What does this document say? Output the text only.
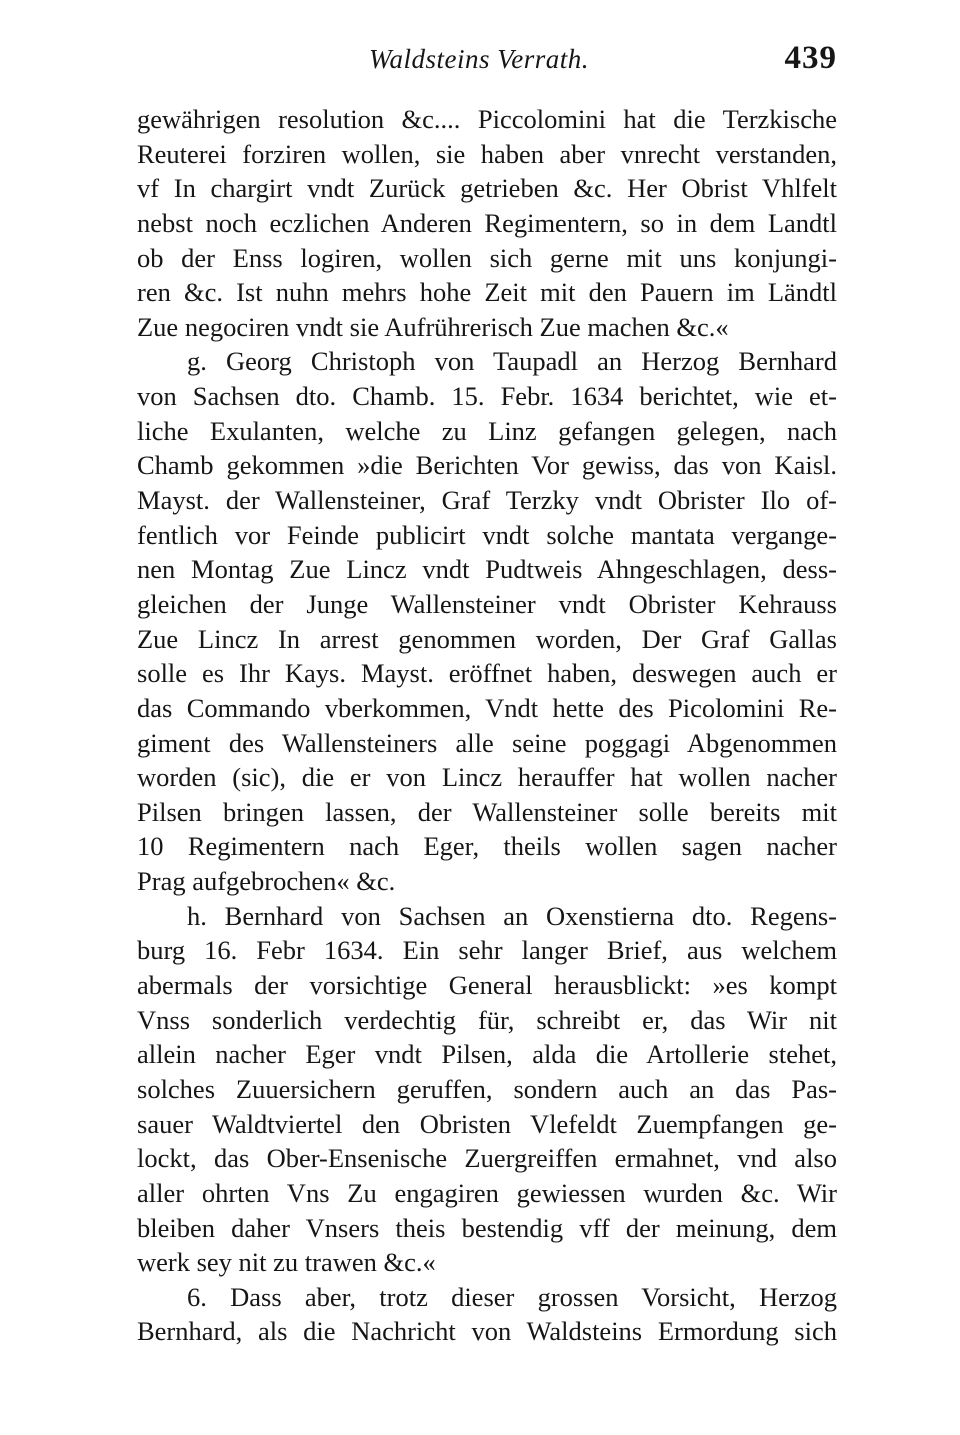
Waldsteins Verrath.	439
gewährigen resolution &c.... Piccolomini hat die Terzkische
Reuterei forziren wollen, sie haben aber vnrecht verstanden,
vf In chargirt vndt Zurück getrieben &c. Her Obrist Vhlfelt
nebst noch eczlichen Anderen Regimentern, so in dem Landtl
ob der Enss logiren, wollen sich gerne mit uns konjungi-
ren &c. Ist nuhn mehrs hohe Zeit mit den Pauern im Ländtl
Zue negociren vndt sie Aufrührerisch Zue machen &c.«
g. Georg Christoph von Taupadl an Herzog Bernhard
von Sachsen dto. Chamb. 15. Febr. 1634 berichtet, wie et-
liche Exulanten, welche zu Linz gefangen gelegen, nach
Chamb gekommen »die Berichten Vor gewiss, das von Kaisl.
Mayst. der Wallensteiner, Graf Terzky vndt Obrister Ilo of-
fentlich vor Feinde publicirt vndt solche mantata vergange-
nen Montag Zue Lincz vndt Pudtweis Ahngeschlagen, dess-
gleichen der Junge Wallensteiner vndt Obrister Kehrauss
Zue Lincz In arrest genommen worden, Der Graf Gallas
solle es Ihr Kays. Mayst. eröffnet haben, deswegen auch er
das Commando vberkommen, Vndt hette des Picolomini Re-
giment des Wallensteiners alle seine poggagi Abgenommen
worden (sic), die er von Lincz herauffer hat wollen nacher
Pilsen bringen lassen, der Wallensteiner solle bereits mit
10 Regimentern nach Eger, theils wollen sagen nacher
Prag aufgebrochen« &c.
h. Bernhard von Sachsen an Oxenstierna dto. Regens-
burg 16. Febr 1634. Ein sehr langer Brief, aus welchem
abermals der vorsichtige General herausblickt: »es kompt
Vnss sonderlich verdechtig für, schreibt er, das Wir nit
allein nacher Eger vndt Pilsen, alda die Artollerie stehet,
solches Zuuersichern geruffen, sondern auch an das Pas-
sauer Waldtviertel den Obristen Vlefeldt Zuempfangen ge-
lockt, das Ober-Ensenische Zuergreiffen ermahnet, vnd also
aller ohrten Vns Zu engagiren gewiessen wurden &c. Wir
bleiben daher Vnsers theis bestendig vff der meinung, dem
werk sey nit zu trawen &c.«
6. Dass aber, trotz dieser grossen Vorsicht, Herzog
Bernhard, als die Nachricht von Waldsteins Ermordung sich
